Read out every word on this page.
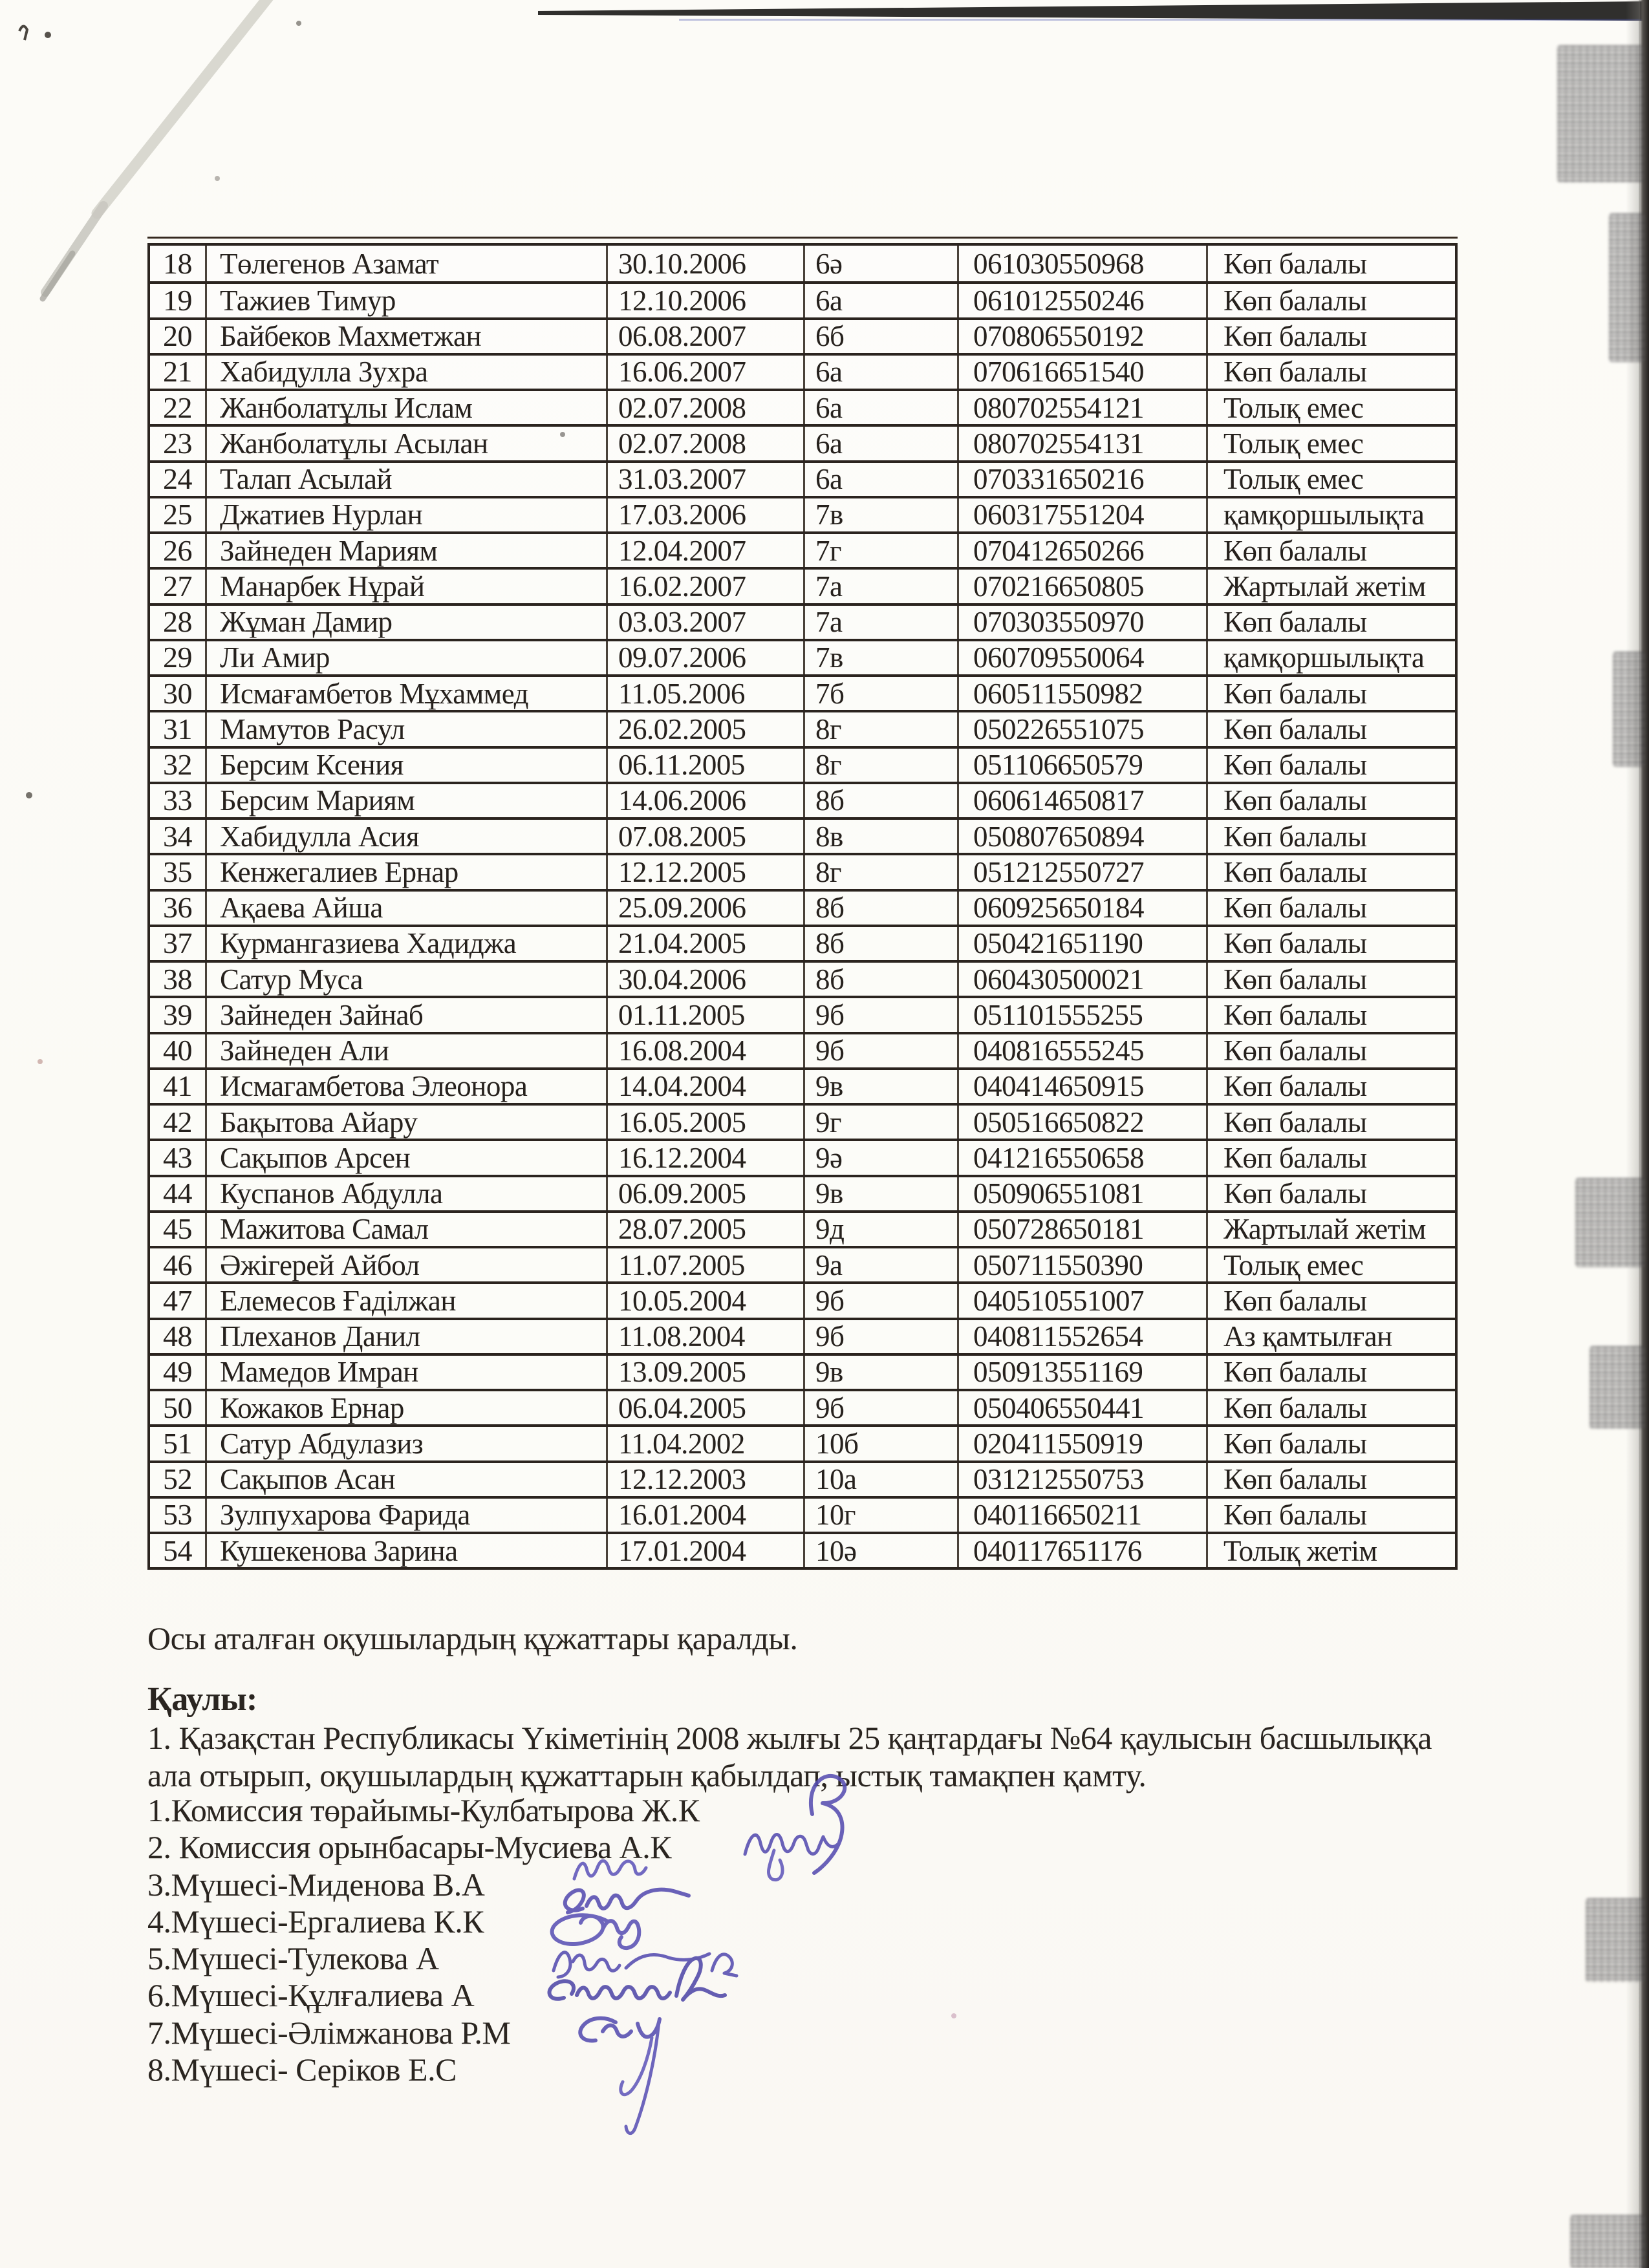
18 Төлегенов Азамат	30.10.2006	6ә	061030550968	Көп балалы
19 Тажиев Тимур	12.10.2006	6а	061012550246	Көп балалы
20 Байбеков Махметжан	06.08.2007	6б	070806550192	Көп балалы
21 Хабидулла Зухра	16.06.2007	6а	070616651540	Көп балалы
22 Жанболатұлы Ислам	02.07.2008	6а	080702554121	Толық емес
23 Жанболатұлы Асылан	02.07.2008	6а	080702554131	Толық емес
24 Талап Асылай	31.03.2007	6а	070331650216	Толық емес
25 Джатиев Нурлан	17.03.2006	7в	060317551204	қамқоршылықта
26 Зайнеден Мариям	12.04.2007	7г	070412650266	Көп балалы
27 Манарбек Нұрай	16.02.2007	7а	070216650805	Жартылай жетім
28 Жұман Дамир	03.03.2007	7а	070303550970	Көп балалы
29 Ли Амир	09.07.2006	7в	060709550064	қамқоршылықта
30 Исмағамбетов Мұхаммед	11.05.2006	7б	060511550982	Көп балалы
31 Мамутов Расул	26.02.2005	8г	050226551075	Көп балалы
32 Берсим Ксения	06.11.2005	8г	051106650579	Көп балалы
33 Берсим Мариям	14.06.2006	8б	060614650817	Көп балалы
34 Хабидулла Асия	07.08.2005	8в	050807650894	Көп балалы
35 Кенжегалиев Ернар	12.12.2005	8г	051212550727	Көп балалы
36 Ақаева Айша	25.09.2006	8б	060925650184	Көп балалы
37 Курмангазиева Хадиджа	21.04.2005	8б	050421651190	Көп балалы
38 Сатур Муса	30.04.2006	8б	060430500021	Көп балалы
39 Зайнеден Зайнаб	01.11.2005	9б	051101555255	Көп балалы
40 Зайнеден Али	16.08.2004	9б	040816555245	Көп балалы
41 Исмагамбетова Элеонора	14.04.2004	9в	040414650915	Көп балалы
42 Бақытова Айару	16.05.2005	9г	050516650822	Көп балалы
43 Сақыпов Арсен	16.12.2004	9ә	041216550658	Көп балалы
44 Куспанов Абдулла	06.09.2005	9в	050906551081	Көп балалы
45 Мажитова Самал	28.07.2005	9д	050728650181	Жартылай жетім
46 Әжігерей Айбол	11.07.2005	9а	050711550390	Толық емес
47 Елемесов Ғаділжан	10.05.2004	9б	040510551007	Көп балалы
48 Плеханов Данил	11.08.2004	9б	040811552654	Аз қамтылған
49 Мамедов Имран	13.09.2005	9в	050913551169	Көп балалы
50 Кожаков Ернар	06.04.2005	9б	050406550441	Көп балалы
51 Сатур Абдулазиз	11.04.2002	10б	020411550919	Көп балалы
52 Сақыпов Асан	12.12.2003	10а	031212550753	Көп балалы
53 Зулпухарова Фарида	16.01.2004	10г	040116650211	Көп балалы
54 Кушекенова Зарина	17.01.2004	10ә	040117651176	Толық жетім
Осы аталған оқушылардың құжаттары қаралды.
Қаулы:
1. Қазақстан Республикасы Үкіметінің 2008 жылғы 25 қаңтардағы №64 қаулысын басшылыққа
ала отырып, оқушылардың құжаттарын қабылдап, ыстық тамақпен қамту.
1.Комиссия төрайымы-Кулбатырова Ж.К
2. Комиссия орынбасары-Мусиева А.К
3.Мүшесі-Миденова В.А
4.Мүшесі-Ергалиева К.К
5.Мүшесі-Тулекова А
6.Мүшесі-Құлғалиева А
7.Мүшесі-Әлімжанова Р.М
8.Мүшесі- Серіков Е.С
